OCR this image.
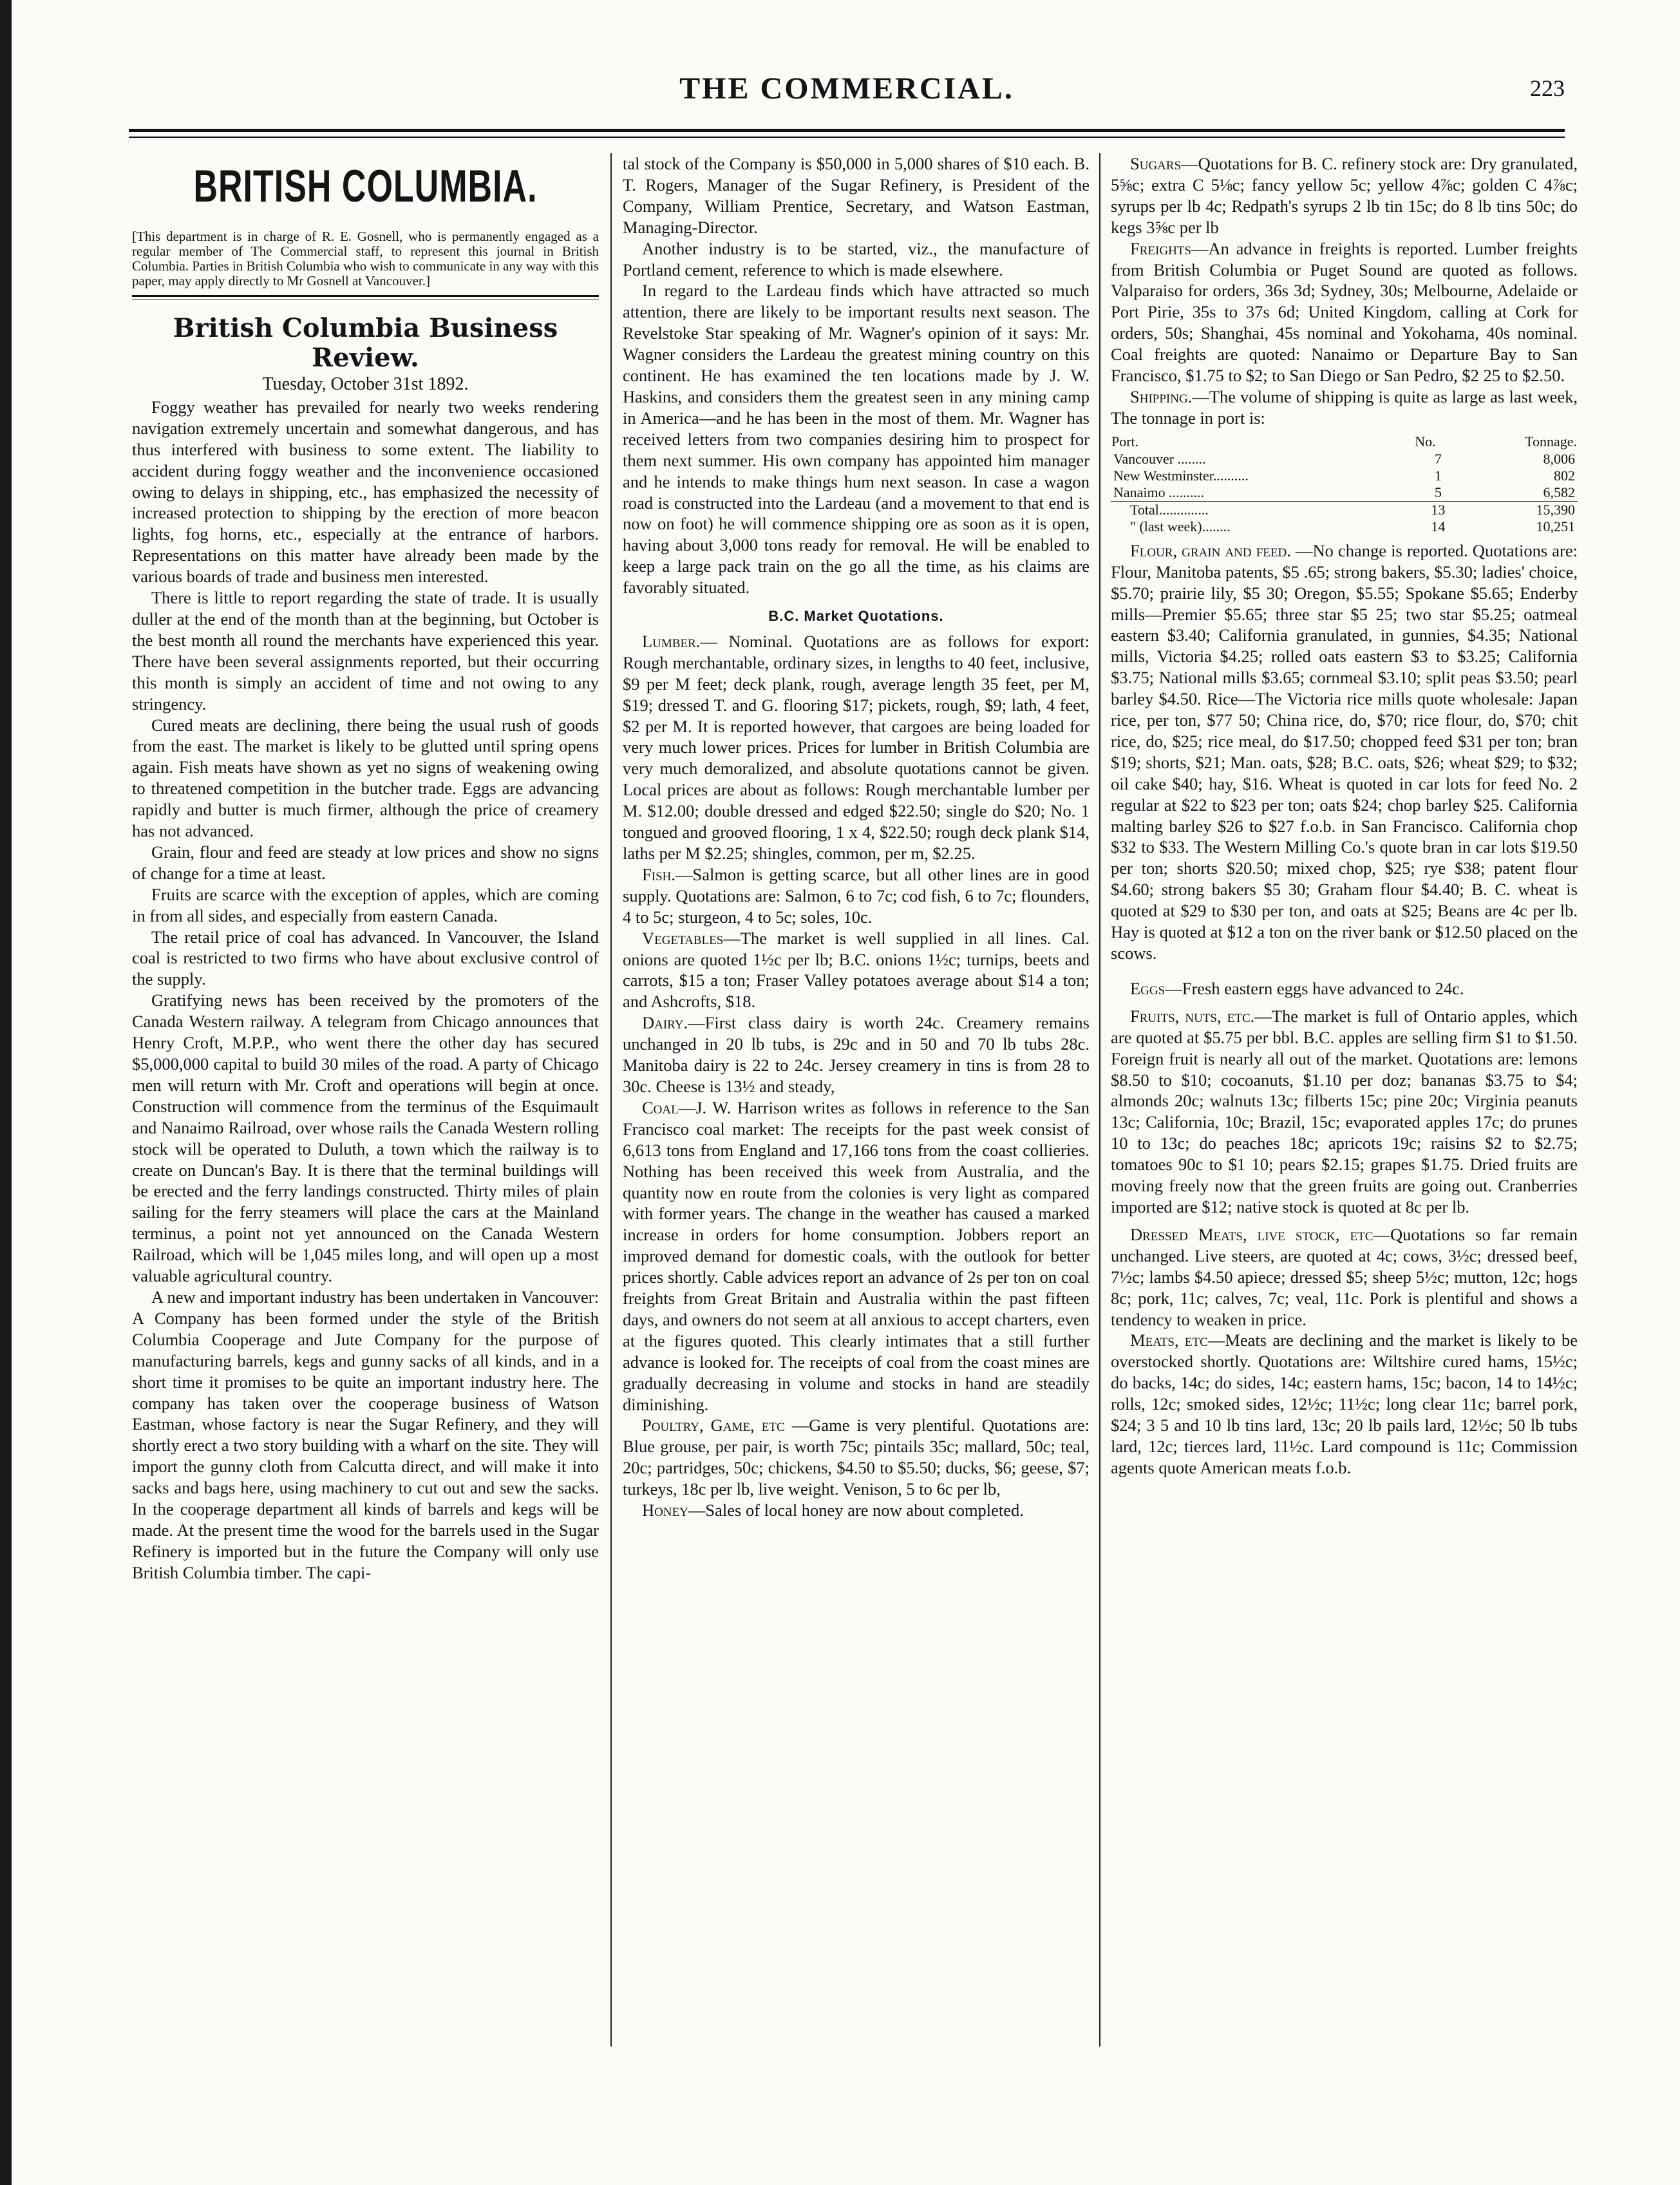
THE COMMERCIAL.	223
BRITISH COLUMBIA.

[This department is in charge of R. E. Gosnell, who is permanently engaged as a regular member of The Commercial staff, to represent this journal in British Columbia. Parties in British Columbia who wish to communicate in any way with this paper, may apply directly to Mr Gosnell at Vancouver.]

British Columbia Business Review.
Tuesday, October 31st 1892.

Foggy weather has prevailed for nearly two weeks rendering navigation extremely uncertain and somewhat dangerous, and has thus interfered with business to some extent. The liability to accident during foggy weather and the inconvenience occasioned owing to delays in shipping, etc., has emphasized the necessity of increased protection to shipping by the erection of more beacon lights, fog horns, etc., especially at the entrance of harbors. Representations on this matter have already been made by the various boards of trade and business men interested.

There is little to report regarding the state of trade. It is usually duller at the end of the month than at the beginning, but October is the best month all round the merchants have experienced this year. There have been several assignments reported, but their occurring this month is simply an accident of time and not owing to any stringency.

Cured meats are declining, there being the usual rush of goods from the east. The market is likely to be glutted until spring opens again. Fish meats have shown as yet no signs of weakening owing to threatened competition in the butcher trade. Eggs are advancing rapidly and butter is much firmer, although the price of creamery has not advanced.

Grain, flour and feed are steady at low prices and show no signs of change for a time at least.

Fruits are scarce with the exception of apples, which are coming in from all sides, and especially from eastern Canada.

The retail price of coal has advanced. In Vancouver, the Island coal is restricted to two firms who have about exclusive control of the supply.

Gratifying news has been received by the promoters of the Canada Western railway. A telegram from Chicago announces that Henry Croft, M.P.P., who went there the other day has secured $5,000,000 capital to build 30 miles of the road. A party of Chicago men will return with Mr. Croft and operations will begin at once. Construction will commence from the terminus of the Esquimault and Nanaimo Railroad, over whose rails the Canada Western rolling stock will be operated to Duluth, a town which the railway is to create on Duncan's Bay. It is there that the terminal buildings will be erected and the ferry landings constructed. Thirty miles of plain sailing for the ferry steamers will place the cars at the Mainland terminus, a point not yet announced on the Canada Western Railroad, which will be 1,045 miles long, and will open up a most valuable agricultural country.

A new and important industry has been undertaken in Vancouver: A Company has been formed under the style of the British Columbia Cooperage and Jute Company for the purpose of manufacturing barrels, kegs and gunny sacks of all kinds, and in a short time it promises to be quite an important industry here. The company has taken over the cooperage business of Watson Eastman, whose factory is near the Sugar Refinery, and they will shortly erect a two story building with a wharf on the site. They will import the gunny cloth from Calcutta direct, and will make it into sacks and bags here, using machinery to cut out and sew the sacks. In the cooperage department all kinds of barrels and kegs will be made. At the present time the wood for the barrels used in the Sugar Refinery is imported but in the future the Company will only use British Columbia timber. The capi-

tal stock of the Company is $50,000 in 5,000 shares of $10 each. B. T. Rogers, Manager of the Sugar Refinery, is President of the Company, William Prentice, Secretary, and Watson Eastman, Managing-Director.

Another industry is to be started, viz., the manufacture of Portland cement, reference to which is made elsewhere.

In regard to the Lardeau finds which have attracted so much attention, there are likely to be important results next season. The Revelstoke Star speaking of Mr. Wagner's opinion of it says: Mr. Wagner considers the Lardeau the greatest mining country on this continent. He has examined the ten locations made by J. W. Haskins, and considers them the greatest seen in any mining camp in America—and he has been in the most of them. Mr. Wagner has received letters from two companies desiring him to prospect for them next summer. His own company has appointed him manager and he intends to make things hum next season. In case a wagon road is constructed into the Lardeau (and a movement to that end is now on foot) he will commence shipping ore as soon as it is open, having about 3,000 tons ready for removal. He will be enabled to keep a large pack train on the go all the time, as his claims are favorably situated.

B.C. Market Quotations.

Lumber.— Nominal. Quotations are as follows for export: Rough merchantable, ordinary sizes, in lengths to 40 feet, inclusive, $9 per M feet; deck plank, rough, average length 35 feet, per M, $19; dressed T. and G. flooring $17; pickets, rough, $9; lath, 4 feet, $2 per M. It is reported however, that cargoes are being loaded for very much lower prices. Prices for lumber in British Columbia are very much demoralized, and absolute quotations cannot be given. Local prices are about as follows: Rough merchantable lumber per M. $12.00; double dressed and edged $22.50; single do $20; No. 1 tongued and grooved flooring, 1 x 4, $22.50; rough deck plank $14, laths per M $2.25; shingles, common, per m, $2.25.

Fish.—Salmon is getting scarce, but all other lines are in good supply. Quotations are: Salmon, 6 to 7c; cod fish, 6 to 7c; flounders, 4 to 5c; sturgeon, 4 to 5c; soles, 10c.

Vegetables—The market is well supplied in all lines. Cal. onions are quoted 1½c per lb; B.C. onions 1½c; turnips, beets and carrots, $15 a ton; Fraser Valley potatoes average about $14 a ton; and Ashcrofts, $18.

Dairy.—First class dairy is worth 24c. Creamery remains unchanged in 20 lb tubs, is 29c and in 50 and 70 lb tubs 28c. Manitoba dairy is 22 to 24c. Jersey creamery in tins is from 28 to 30c. Cheese is 13½ and steady,

Coal—J. W. Harrison writes as follows in reference to the San Francisco coal market: The receipts for the past week consist of 6,613 tons from England and 17,166 tons from the coast collieries. Nothing has been received this week from Australia, and the quantity now en route from the colonies is very light as compared with former years. The change in the weather has caused a marked increase in orders for home consumption. Jobbers report an improved demand for domestic coals, with the outlook for better prices shortly. Cable advices report an advance of 2s per ton on coal freights from Great Britain and Australia within the past fifteen days, and owners do not seem at all anxious to accept charters, even at the figures quoted. This clearly intimates that a still further advance is looked for. The receipts of coal from the coast mines are gradually decreasing in volume and stocks in hand are steadily diminishing.

Poultry, Game, etc —Game is very plentiful. Quotations are: Blue grouse, per pair, is worth 75c; pintails 35c; mallard, 50c; teal, 20c; partridges, 50c; chickens, $4.50 to $5.50; ducks, $6; geese, $7; turkeys, 18c per lb, live weight. Venison, 5 to 6c per lb,

Honey—Sales of local honey are now about completed.

Sugars—Quotations for B. C. refinery stock are: Dry granulated, 5⅝c; extra C 5⅛c; fancy yellow 5c; yellow 4⅞c; golden C 4⅞c; syrups per lb 4c; Redpath's syrups 2 lb tin 15c; do 8 lb tins 50c; do kegs 3⅝c per lb

Freights—An advance in freights is reported. Lumber freights from British Columbia or Puget Sound are quoted as follows. Valparaiso for orders, 36s 3d; Sydney, 30s; Melbourne, Adelaide or Port Pirie, 35s to 37s 6d; United Kingdom, calling at Cork for orders, 50s; Shanghai, 45s nominal and Yokohama, 40s nominal. Coal freights are quoted: Nanaimo or Departure Bay to San Francisco, $1.75 to $2; to San Diego or San Pedro, $2 25 to $2.50.

Shipping.—The volume of shipping is quite as large as last week, The tonnage in port is:

Port.	No.	Tonnage.
Vancouver ........	7	8,006
New Westminster..........	1	802
Nanaimo ..........	5	6,582
Total..............	13	15,390
" (last week)........	14	10,251

Flour, grain and feed. —No change is reported. Quotations are: Flour, Manitoba patents, $5 .65; strong bakers, $5.30; ladies' choice, $5.70; prairie lily, $5 30; Oregon, $5.55; Spokane $5.65; Enderby mills—Premier $5.65; three star $5 25; two star $5.25; oatmeal eastern $3.40; California granulated, in gunnies, $4.35; National mills, Victoria $4.25; rolled oats eastern $3 to $3.25; California $3.75; National mills $3.65; cornmeal $3.10; split peas $3.50; pearl barley $4.50. Rice—The Victoria rice mills quote wholesale: Japan rice, per ton, $77 50; China rice, do, $70; rice flour, do, $70; chit rice, do, $25; rice meal, do $17.50; chopped feed $31 per ton; bran $19; shorts, $21; Man. oats, $28; B.C. oats, $26; wheat $29; to $32; oil cake $40; hay, $16. Wheat is quoted in car lots for feed No. 2 regular at $22 to $23 per ton; oats $24; chop barley $25. California malting barley $26 to $27 f.o.b. in San Francisco. California chop $32 to $33. The Western Milling Co.'s quote bran in car lots $19.50 per ton; shorts $20.50; mixed chop, $25; rye $38; patent flour $4.60; strong bakers $5 30; Graham flour $4.40; B. C. wheat is quoted at $29 to $30 per ton, and oats at $25; Beans are 4c per lb. Hay is quoted at $12 a ton on the river bank or $12.50 placed on the scows.

Eggs—Fresh eastern eggs have advanced to 24c.

Fruits, nuts, etc.—The market is full of Ontario apples, which are quoted at $5.75 per bbl. B.C. apples are selling firm $1 to $1.50. Foreign fruit is nearly all out of the market. Quotations are: lemons $8.50 to $10; cocoanuts, $1.10 per doz; bananas $3.75 to $4; almonds 20c; walnuts 13c; filberts 15c; pine 20c; Virginia peanuts 13c; California, 10c; Brazil, 15c; evaporated apples 17c; do prunes 10 to 13c; do peaches 18c; apricots 19c; raisins $2 to $2.75; tomatoes 90c to $1 10; pears $2.15; grapes $1.75. Dried fruits are moving freely now that the green fruits are going out. Cranberries imported are $12; native stock is quoted at 8c per lb.

Dressed Meats, live stock, etc—Quotations so far remain unchanged. Live steers, are quoted at 4c; cows, 3½c; dressed beef, 7½c; lambs $4.50 apiece; dressed $5; sheep 5½c; mutton, 12c; hogs 8c; pork, 11c; calves, 7c; veal, 11c. Pork is plentiful and shows a tendency to weaken in price.

Meats, etc—Meats are declining and the market is likely to be overstocked shortly. Quotations are: Wiltshire cured hams, 15½c; do backs, 14c; do sides, 14c; eastern hams, 15c; bacon, 14 to 14½c; rolls, 12c; smoked sides, 12½c; 11½c; long clear 11c; barrel pork, $24; 3 5 and 10 lb tins lard, 13c; 20 lb pails lard, 12½c; 50 lb tubs lard, 12c; tierces lard, 11½c. Lard compound is 11c; Commission agents quote American meats f.o.b.
